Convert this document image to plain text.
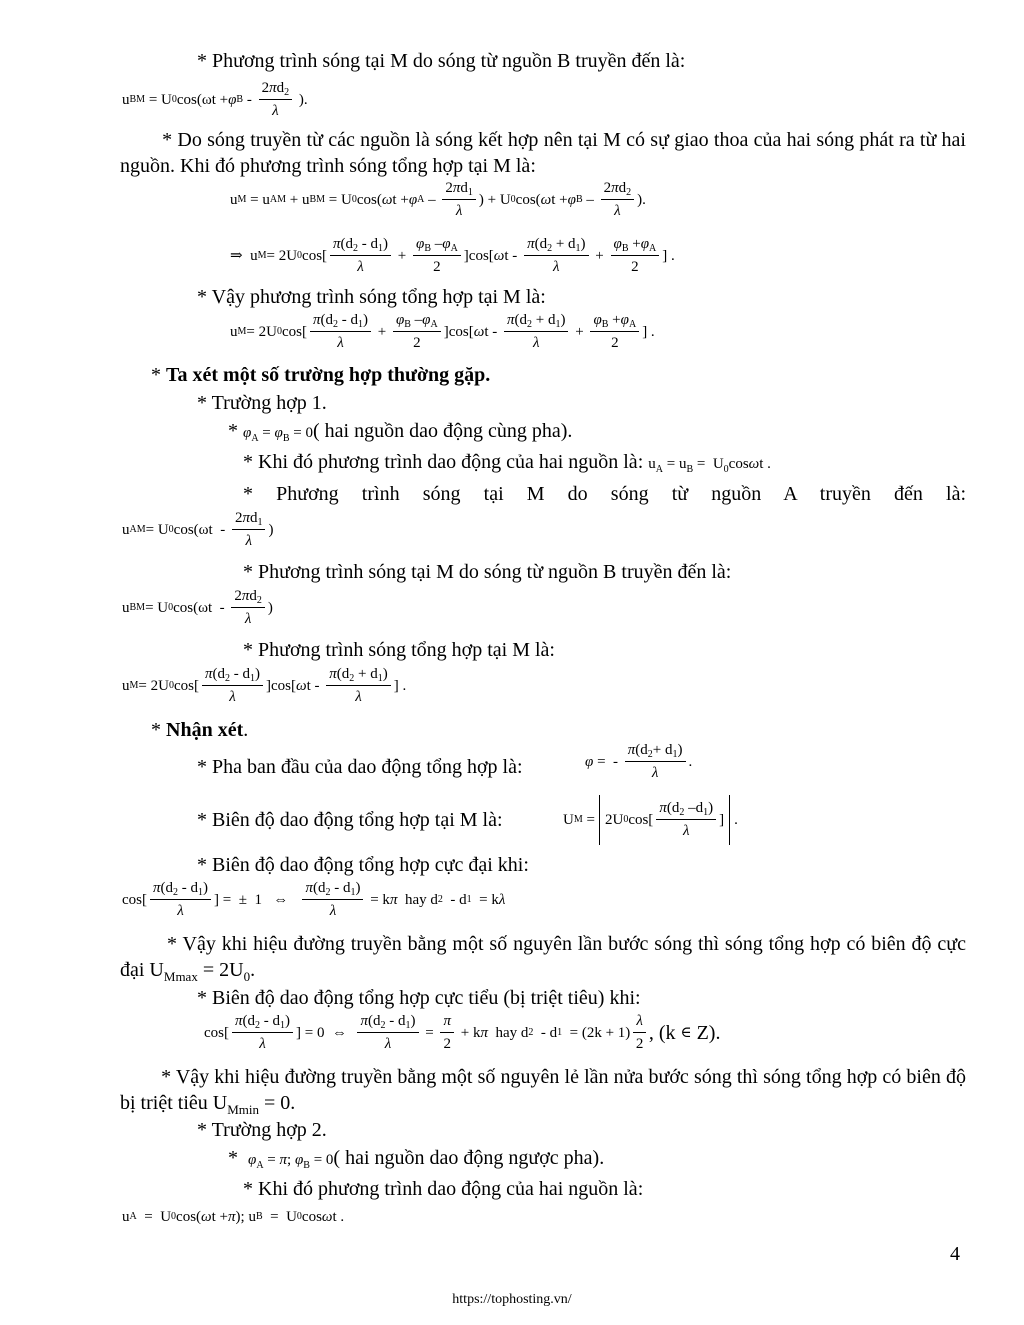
* Phương trình sóng tại M do sóng từ nguồn B truyền đến là:
u BM = U 0 cos(ωt + φ B -
$2\pi d_2$
λ
).
* Do sóng truyền từ các nguồn là sóng kết hợp nên tại M có sự giao thoa của hai sóng phát ra từ hai nguồn. Khi đó phương trình sóng tổng hợp tại M là:
u M = u AM + u BM = U 0 cos( ω t + φ A –
$2\pi d_1$
λ
) + U 0 cos( ω t + φ B –
$2\pi d_2$
λ
).
⇒  u M = 2U 0 cos[
$\pi(d_2 - d_1)$
λ
+
$\varphi_B$ $-\varphi_A$
2
]cos[ ω t -
$\pi(d_2 + d_1)$
λ
+
$\varphi_B +\varphi_A$
2
] .
* Vậy phương trình sóng tổng hợp tại M là:
u M = 2U 0 cos[
$\pi(d_2 - d_1)$
λ
+
$\varphi_B$ $-\varphi_A$
2
]cos[ ω t -
$\pi(d_2 + d_1)$
λ
+
$\varphi_B +\varphi_A$
2
] .
* Ta xét một số trường hợp thường gặp.
* Trường hợp 1.
* $\varphi_A = \varphi_B = 0$( hai nguồn dao động cùng pha).
* Khi đó phương trình dao động của hai nguồn là: $u_A = u_B = U_0\cos\omega t$ .
* Phương trình sóng tại M do sóng từ nguồn A truyền đến là:
u AM = U 0 cos(ωt  -
$2\pi d_1$
λ
)
* Phương trình sóng tại M do sóng từ nguồn B truyền đến là:
u BM = U 0 cos(ωt  -
$2\pi d_2$
λ
)
* Phương trình sóng tổng hợp tại M là:
u M = 2U 0 cos[
$\pi(d_2 - d_1)$
λ
]cos[ ω t -
$\pi(d_2 + d_1)$
λ
] .
* Nhận xét.
* Pha ban đầu của dao động tổng hợp là:	φ =  -
$\pi(d_2+ d_1)$
λ
.
* Biên độ dao động tổng hợp tại M là:	U M = 2U 0 cos[
$\pi(d_2$ $-d_1$)
λ
] .
* Biên độ dao động tổng hợp cực đại khi:
cos[
$\pi(d_2 - d_1)$
λ
] =  ±  1   ⇔
$\pi(d_2 - d_1)$
λ
= k π hay d 2 - d 1 = k λ
* Vậy khi hiệu đường truyền bằng một số nguyên lần bước sóng thì sóng tổng hợp có biên độ cực đại $U_{Mmax} = 2U_0$.
* Biên độ dao động tổng hợp cực tiểu (bị triệt tiêu) khi:
cos[
$\pi(d_2 - d_1)$
λ
] = 0  ⇔
$\pi(d_2 - d_1)$
λ
=
π
2
+ k π hay d 2 - d 1 = (2k + 1)
λ
2 , (k ∈ Z).
* Vậy khi hiệu đường truyền bằng một số nguyên lẻ lần nửa bước sóng thì sóng tổng hợp có biên độ bị triệt tiêu $U_{Mmin} = 0$.
* Trường hợp 2.
*  $\varphi_A = \pi$; $\varphi_B = 0$( hai nguồn dao động ngược pha).
* Khi đó phương trình dao động của hai nguồn là:
u A =  U 0 cos( ω t + π ); u B =  U 0 cos ω t .
4
https://tophosting.vn/
